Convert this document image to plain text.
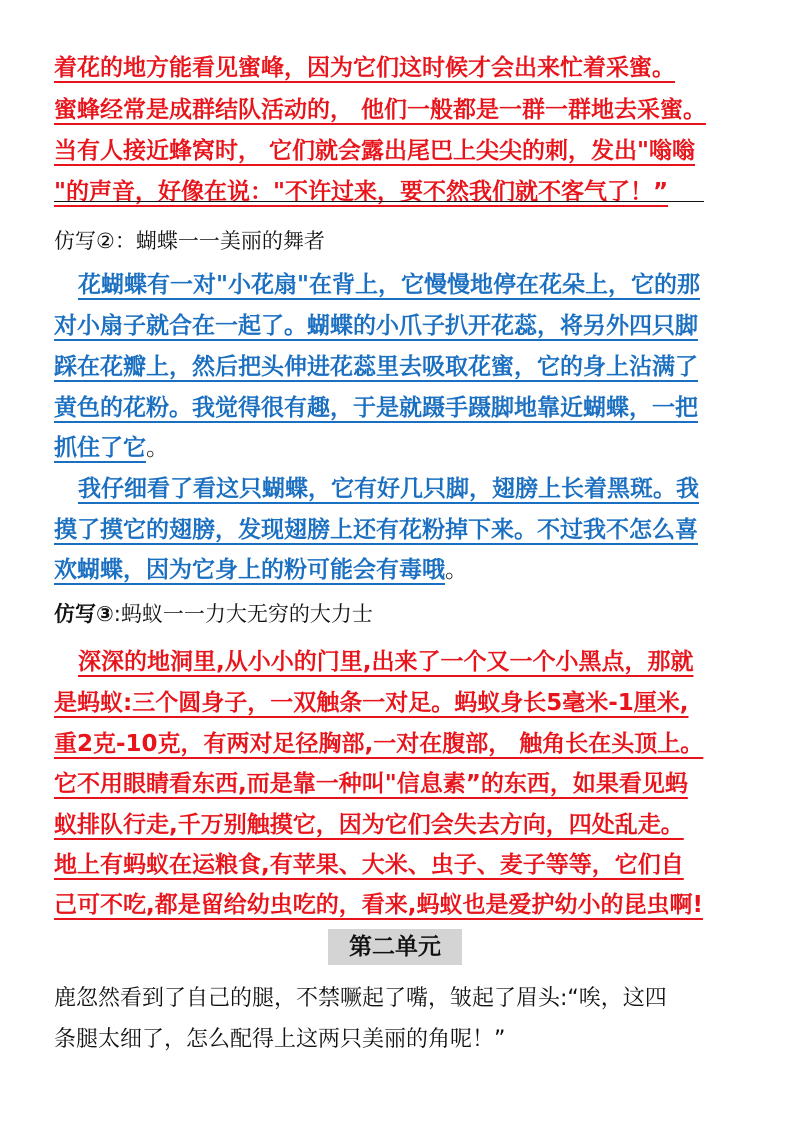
着花的地方能看见蜜峰，因为它们这时候才会出来忙着采蜜。
蜜蜂经常是成群结队活动的， 他们一般都是一群一群地去采蜜。
当有人接近蜂窝时， 它们就会露出尾巴上尖尖的刺，发出"嗡嗡
"的声音，好像在说："不许过来，要不然我们就不客气了！”
仿写②：蝴蝶一一美丽的舞者
花蝴蝶有一对"小花扇"在背上，它慢慢地停在花朵上，它的那
对小扇子就合在一起了。蝴蝶的小爪子扒开花蕊，将另外四只脚
踩在花瓣上，然后把头伸进花蕊里去吸取花蜜，它的身上沾满了
黄色的花粉。我觉得很有趣，于是就蹑手蹑脚地靠近蝴蝶，一把
抓住了它。
我仔细看了看这只蝴蝶，它有好几只脚，翅膀上长着黑斑。我
摸了摸它的翅膀，发现翅膀上还有花粉掉下来。不过我不怎么喜
欢蝴蝶，因为它身上的粉可能会有毒哦。
仿写③:蚂蚁一一力大无穷的大力士
深深的地洞里,从小小的门里,出来了一个又一个小黑点，那就
是蚂蚁:三个圆身子，一双触条一对足。蚂蚁身长5毫米-1厘米,
重2克-10克，有两对足径胸部,一对在腹部， 触角长在头顶上。
它不用眼睛看东西,而是靠一种叫"信息素”的东西，如果看见蚂
蚁排队行走,千万别触摸它，因为它们会失去方向，四处乱走。
地上有蚂蚁在运粮食,有苹果、大米、虫子、麦子等等，它们自
己可不吃,都是留给幼虫吃的，看来,蚂蚁也是爱护幼小的昆虫啊!
第二单元
鹿忽然看到了自己的腿，不禁噘起了嘴，皱起了眉头:“唉，这四
条腿太细了，怎么配得上这两只美丽的角呢！”
